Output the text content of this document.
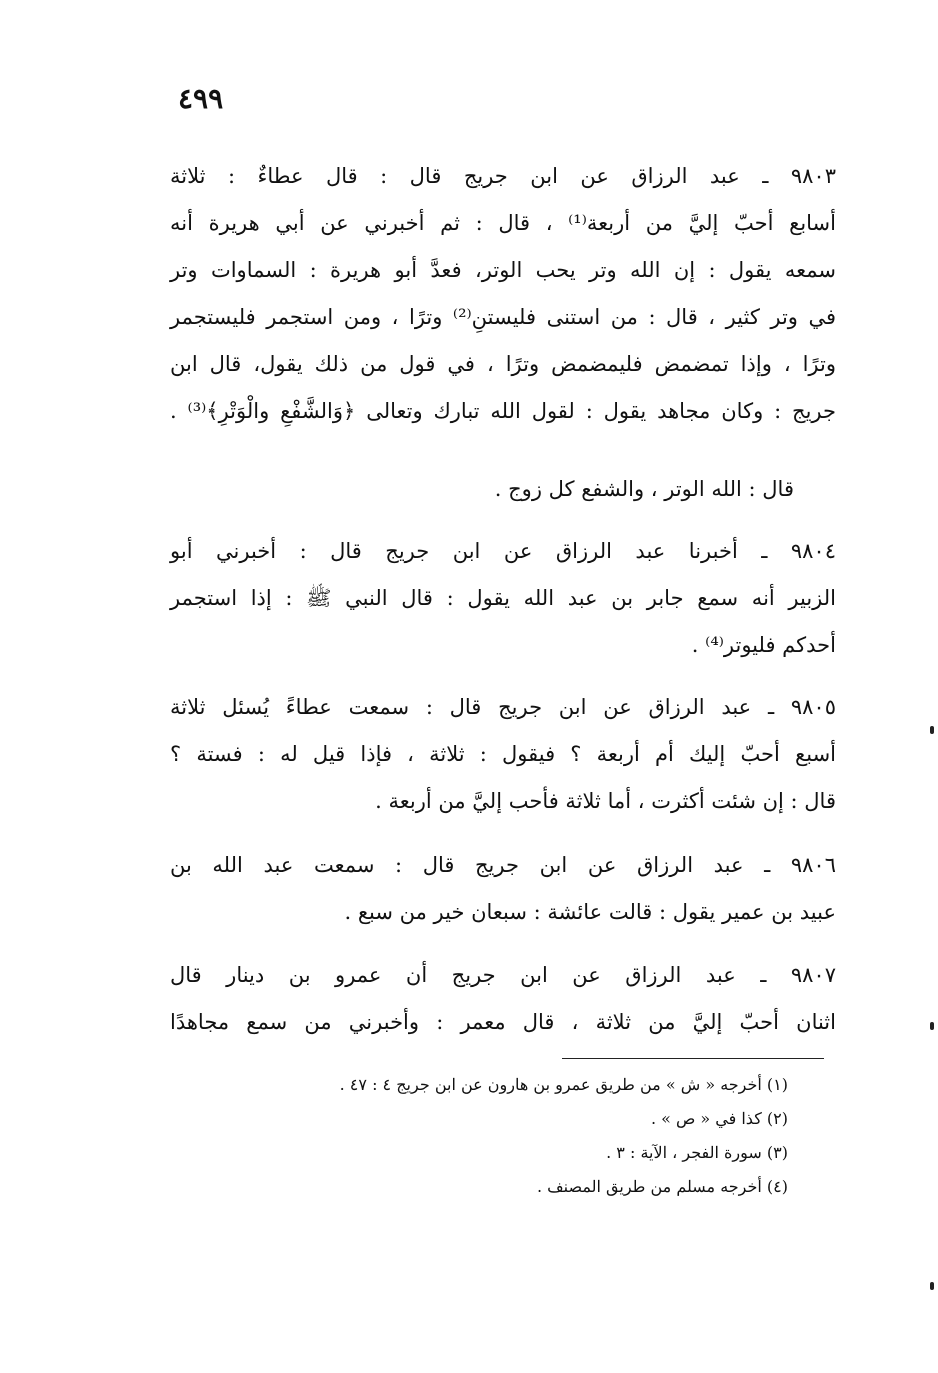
٤٩٩
٩٨٠٣ ـ عبد الرزاق عن ابن جريج قال : قال عطاءٌ : ثلاثة
أسابع أحبّ إليَّ من أربعة⁽¹⁾ ، قال : ثم أخبرني عن أبي هريرة أنه
سمعه يقول : إن الله وتر يحب الوتر، فعدَّ أبو هريرة : السماوات وتر
في وتر كثير ، قال : من استنى فليستنِ⁽²⁾ وترًا ، ومن استجمر فليستجمر
وترًا ، وإذا تمضمض فليمضمض وترًا ، في قول من ذلك يقول، قال ابن
جريج : وكان مجاهد يقول : لقول الله تبارك وتعالى ﴿وَالشَّفْعِ والْوَتْرِ﴾⁽³⁾ .
قال : الله الوتر ، والشفع كل زوج .
٩٨٠٤ ـ أخبرنا عبد الرزاق عن ابن جريج قال : أخبرني أبو
الزبير أنه سمع جابر بن عبد الله يقول : قال النبي ﷺ : إذا استجمر
أحدكم فليوتر⁽⁴⁾ .
٩٨٠٥ ـ عبد الرزاق عن ابن جريج قال : سمعت عطاءً يُسئل ثلاثة
أسبع أحبّ إليك أم أربعة ؟ فيقول : ثلاثة ، فإذا قيل له : فستة ؟
قال : إن شئت أكثرت ، أما ثلاثة فأحب إليَّ من أربعة .
٩٨٠٦ ـ عبد الرزاق عن ابن جريج قال : سمعت عبد الله بن
عبيد بن عمير يقول : قالت عائشة : سبعان خير من سبع .
٩٨٠٧ ـ عبد الرزاق عن ابن جريج أن عمرو بن دينار قال
اثنان أحبّ إليَّ من ثلاثة ، قال معمر : وأخبرني من سمع مجاهدًا
(١) أخرجه « ش » من طريق عمرو بن هارون عن ابن جريج ٤ : ٤٧ .
(٢) كذا في « ص » .
(٣) سورة الفجر ، الآية : ٣ .
(٤) أخرجه مسلم من طريق المصنف .
